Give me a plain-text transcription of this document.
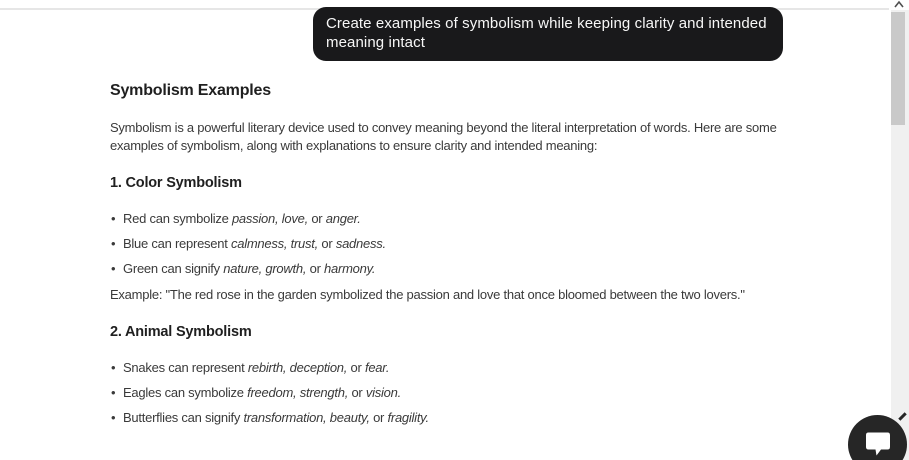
Create examples of symbolism while keeping clarity and intended meaning intact
Symbolism Examples

Symbolism is a powerful literary device used to convey meaning beyond the literal interpretation of words. Here are some examples of symbolism, along with explanations to ensure clarity and intended meaning:

1. Color Symbolism
• Red can symbolize passion, love, or anger.
• Blue can represent calmness, trust, or sadness.
• Green can signify nature, growth, or harmony.

Example: "The red rose in the garden symbolized the passion and love that once bloomed between the two lovers."

2. Animal Symbolism
• Snakes can represent rebirth, deception, or fear.
• Eagles can symbolize freedom, strength, or vision.
• Butterflies can signify transformation, beauty, or fragility.
